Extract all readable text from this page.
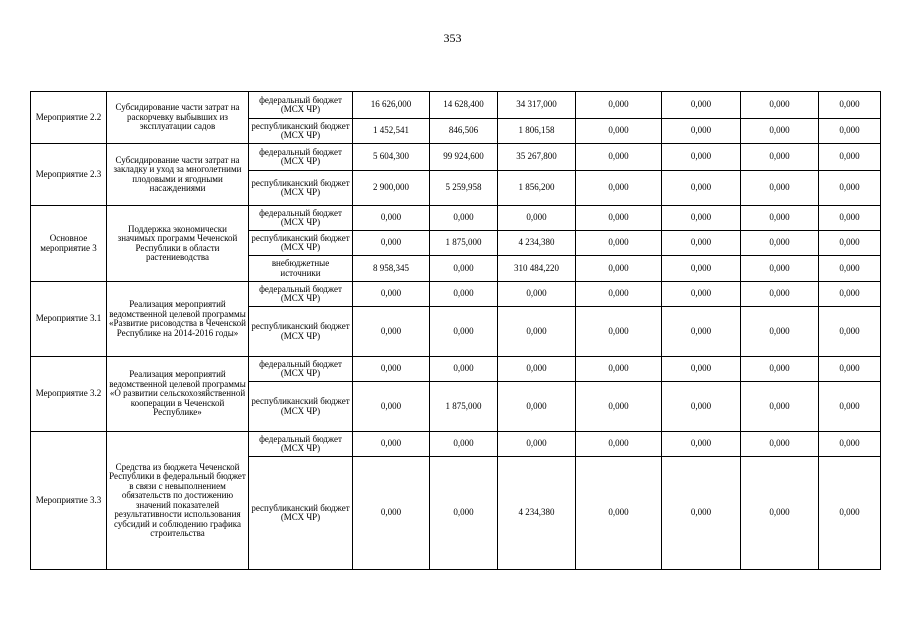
353
Мероприятие 2.2	Субсидирование части затрат на раскорчевку выбывших из эксплуатации садов	федеральный бюджет (МСХ ЧР)	16 626,000	14 628,400	34 317,000	0,000	0,000	0,000	0,000
		республиканский бюджет (МСХ ЧР)	1 452,541	846,506	1 806,158	0,000	0,000	0,000	0,000
Мероприятие 2.3	Субсидирование части затрат на закладку и уход за многолетними плодовыми и ягодными насаждениями	федеральный бюджет (МСХ ЧР)	5 604,300	99 924,600	35 267,800	0,000	0,000	0,000	0,000
		республиканский бюджет (МСХ ЧР)	2 900,000	5 259,958	1 856,200	0,000	0,000	0,000	0,000
Основное мероприятие 3	Поддержка экономически значимых программ Чеченской Республики в области растениеводства	федеральный бюджет (МСХ ЧР)	0,000	0,000	0,000	0,000	0,000	0,000	0,000
		республиканский бюджет (МСХ ЧР)	0,000	1 875,000	4 234,380	0,000	0,000	0,000	0,000
		внебюджетные источники	8 958,345	0,000	310 484,220	0,000	0,000	0,000	0,000
Мероприятие 3.1	Реализация мероприятий ведомственной целевой программы «Развитие рисоводства в Чеченской Республике на 2014-2016 годы»	федеральный бюджет (МСХ ЧР)	0,000	0,000	0,000	0,000	0,000	0,000	0,000
		республиканский бюджет (МСХ ЧР)	0,000	0,000	0,000	0,000	0,000	0,000	0,000
Мероприятие 3.2	Реализация мероприятий ведомственной целевой программы «О развитии сельскохозяйственной кооперации в Чеченской Республике»	федеральный бюджет (МСХ ЧР)	0,000	0,000	0,000	0,000	0,000	0,000	0,000
		республиканский бюджет (МСХ ЧР)	0,000	1 875,000	0,000	0,000	0,000	0,000	0,000
Мероприятие 3.3	Средства из бюджета Чеченской Республики в федеральный бюджет в связи с невыполнением обязательств по достижению значений показателей результативности использования субсидий и соблюдению графика строительства	федеральный бюджет (МСХ ЧР)	0,000	0,000	0,000	0,000	0,000	0,000	0,000
		республиканский бюджет (МСХ ЧР)	0,000	0,000	4 234,380	0,000	0,000	0,000	0,000
